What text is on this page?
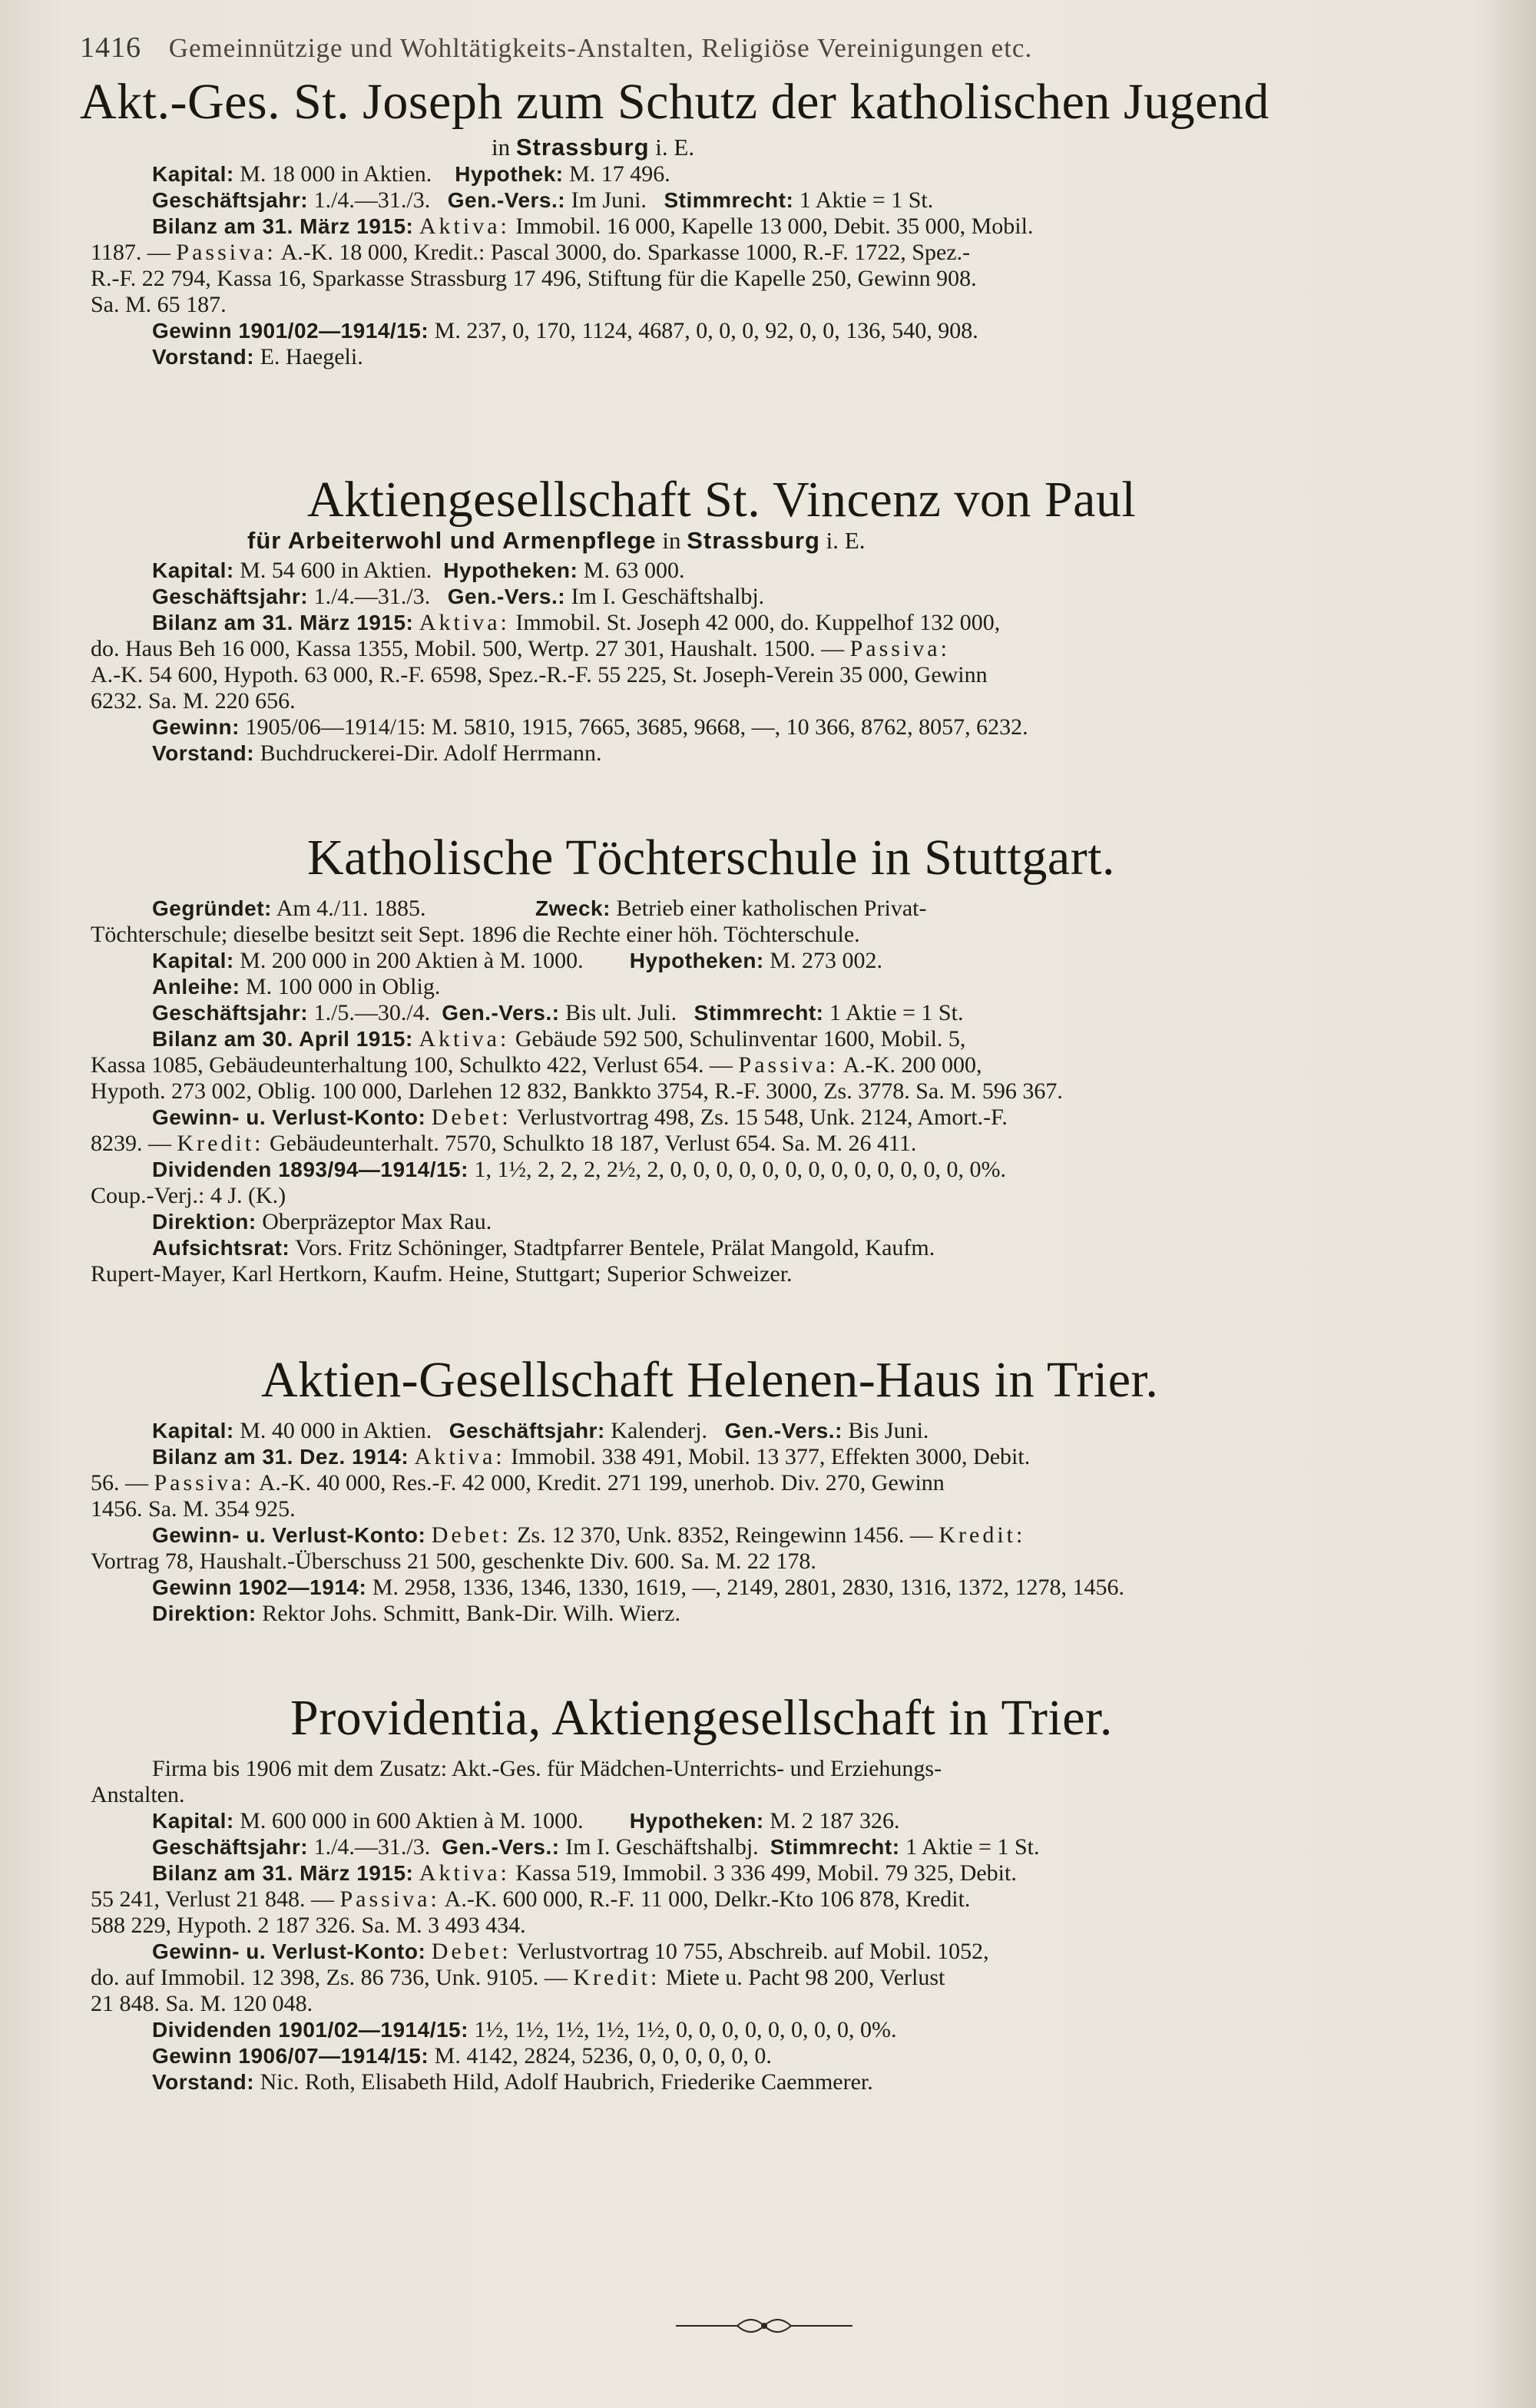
1416 Gemeinnützige und Wohltätigkeits-Anstalten, Religiöse Vereinigungen etc.
Akt.-Ges. St. Joseph zum Schutz der katholischen Jugend
in Strassburg i. E.
Kapital: M. 18 000 in Aktien. Hypothek: M. 17 496.
Geschäftsjahr: 1./4.—31./3. Gen.-Vers.: Im Juni. Stimmrecht: 1 Aktie = 1 St.
Bilanz am 31. März 1915: Aktiva: Immobil. 16 000, Kapelle 13 000, Debit. 35 000, Mobil.
1187. — Passiva: A.-K. 18 000, Kredit.: Pascal 3000, do. Sparkasse 1000, R.-F. 1722, Spez.-
R.-F. 22 794, Kassa 16, Sparkasse Strassburg 17 496, Stiftung für die Kapelle 250, Gewinn 908.
Sa. M. 65 187.
Gewinn 1901/02—1914/15: M. 237, 0, 170, 1124, 4687, 0, 0, 0, 92, 0, 0, 136, 540, 908.
Vorstand: E. Haegeli.
Aktiengesellschaft St. Vincenz von Paul
für Arbeiterwohl und Armenpflege in Strassburg i. E.
Kapital: M. 54 600 in Aktien. Hypotheken: M. 63 000.
Geschäftsjahr: 1./4.—31./3. Gen.-Vers.: Im I. Geschäftshalbj.
Bilanz am 31. März 1915: Aktiva: Immobil. St. Joseph 42 000, do. Kuppelhof 132 000,
do. Haus Beh 16 000, Kassa 1355, Mobil. 500, Wertp. 27 301, Haushalt. 1500. — Passiva:
A.-K. 54 600, Hypoth. 63 000, R.-F. 6598, Spez.-R.-F. 55 225, St. Joseph-Verein 35 000, Gewinn
6232. Sa. M. 220 656.
Gewinn: 1905/06—1914/15: M. 5810, 1915, 7665, 3685, 9668, —, 10 366, 8762, 8057, 6232.
Vorstand: Buchdruckerei-Dir. Adolf Herrmann.
Katholische Töchterschule in Stuttgart.
Gegründet: Am 4./11. 1885.	Zweck: Betrieb einer katholischen Privat-
Töchterschule; dieselbe besitzt seit Sept. 1896 die Rechte einer höh. Töchterschule.
Kapital: M. 200 000 in 200 Aktien à M. 1000. Hypotheken: M. 273 002.
Anleihe: M. 100 000 in Oblig.
Geschäftsjahr: 1./5.—30./4. Gen.-Vers.: Bis ult. Juli. Stimmrecht: 1 Aktie = 1 St.
Bilanz am 30. April 1915: Aktiva: Gebäude 592 500, Schulinventar 1600, Mobil. 5,
Kassa 1085, Gebäudeunterhaltung 100, Schulkto 422, Verlust 654. — Passiva: A.-K. 200 000,
Hypoth. 273 002, Oblig. 100 000, Darlehen 12 832, Bankkto 3754, R.-F. 3000, Zs. 3778. Sa. M. 596 367.
Gewinn- u. Verlust-Konto: Debet: Verlustvortrag 498, Zs. 15 548, Unk. 2124, Amort.-F.
8239. — Kredit: Gebäudeunterhalt. 7570, Schulkto 18 187, Verlust 654. Sa. M. 26 411.
Dividenden 1893/94—1914/15: 1, 1½, 2, 2, 2, 2½, 2, 0, 0, 0, 0, 0, 0, 0, 0, 0, 0, 0, 0, 0, 0%.
Coup.-Verj.: 4 J. (K.)
Direktion: Oberpräzeptor Max Rau.
Aufsichtsrat: Vors. Fritz Schöninger, Stadtpfarrer Bentele, Prälat Mangold, Kaufm.
Rupert-Mayer, Karl Hertkorn, Kaufm. Heine, Stuttgart; Superior Schweizer.
Aktien-Gesellschaft Helenen-Haus in Trier.
Kapital: M. 40 000 in Aktien. Geschäftsjahr: Kalenderj. Gen.-Vers.: Bis Juni.
Bilanz am 31. Dez. 1914: Aktiva: Immobil. 338 491, Mobil. 13 377, Effekten 3000, Debit.
56. — Passiva: A.-K. 40 000, Res.-F. 42 000, Kredit. 271 199, unerhob. Div. 270, Gewinn
1456. Sa. M. 354 925.
Gewinn- u. Verlust-Konto: Debet: Zs. 12 370, Unk. 8352, Reingewinn 1456. — Kredit:
Vortrag 78, Haushalt.-Überschuss 21 500, geschenkte Div. 600. Sa. M. 22 178.
Gewinn 1902—1914: M. 2958, 1336, 1346, 1330, 1619, —, 2149, 2801, 2830, 1316, 1372, 1278, 1456.
Direktion: Rektor Johs. Schmitt, Bank-Dir. Wilh. Wierz.
Providentia, Aktiengesellschaft in Trier.
Firma bis 1906 mit dem Zusatz: Akt.-Ges. für Mädchen-Unterrichts- und Erziehungs-
Anstalten.
Kapital: M. 600 000 in 600 Aktien à M. 1000. Hypotheken: M. 2 187 326.
Geschäftsjahr: 1./4.—31./3. Gen.-Vers.: Im I. Geschäftshalbj. Stimmrecht: 1 Aktie = 1 St.
Bilanz am 31. März 1915: Aktiva: Kassa 519, Immobil. 3 336 499, Mobil. 79 325, Debit.
55 241, Verlust 21 848. — Passiva: A.-K. 600 000, R.-F. 11 000, Delkr.-Kto 106 878, Kredit.
588 229, Hypoth. 2 187 326. Sa. M. 3 493 434.
Gewinn- u. Verlust-Konto: Debet: Verlustvortrag 10 755, Abschreib. auf Mobil. 1052,
do. auf Immobil. 12 398, Zs. 86 736, Unk. 9105. — Kredit: Miete u. Pacht 98 200, Verlust
21 848. Sa. M. 120 048.
Dividenden 1901/02—1914/15: 1½, 1½, 1½, 1½, 1½, 0, 0, 0, 0, 0, 0, 0, 0, 0%.
Gewinn 1906/07—1914/15: M. 4142, 2824, 5236, 0, 0, 0, 0, 0, 0.
Vorstand: Nic. Roth, Elisabeth Hild, Adolf Haubrich, Friederike Caemmerer.
